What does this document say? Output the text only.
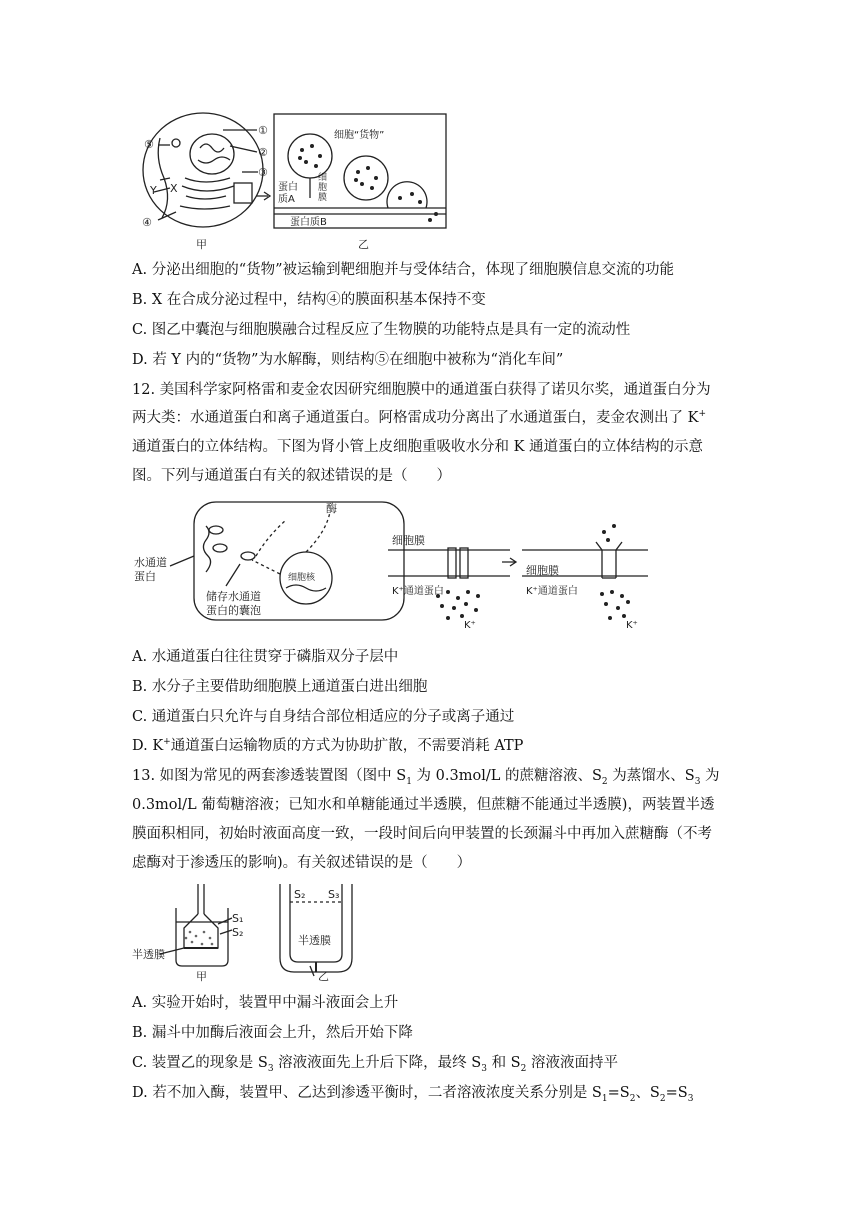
①
②
③
④
⑤
X
Y
甲	乙
细胞“货物”
蛋白
质A
细
胞
膜
蛋白质B
A. 分泌出细胞的“货物”被运输到靶细胞并与受体结合，体现了细胞膜信息交流的功能
B. X 在合成分泌过程中，结构④的膜面积基本保持不变
C. 图乙中囊泡与细胞膜融合过程反应了生物膜的功能特点是具有一定的流动性
D. 若 Y 内的“货物”为水解酶，则结构⑤在细胞中被称为“消化车间”
12. 美国科学家阿格雷和麦金农因研究细胞膜中的通道蛋白获得了诺贝尔奖，通道蛋白分为
两大类：水通道蛋白和离子通道蛋白。阿格雷成功分离出了水通道蛋白，麦金农测出了 K+
通道蛋白的立体结构。下图为肾小管上皮细胞重吸收水分和 K 通道蛋白的立体结构的示意
图。下列与通道蛋白有关的叙述错误的是（　　）
酶
水通道
蛋白
储存水通道
蛋白的囊泡
细胞核
细胞膜
K⁺通道蛋白
K⁺
细胞膜
K⁺通道蛋白
K⁺
A. 水通道蛋白往往贯穿于磷脂双分子层中
B. 水分子主要借助细胞膜上通道蛋白进出细胞
C. 通道蛋白只允许与自身结合部位相适应的分子或离子通过
D. K+通道蛋白运输物质的方式为协助扩散，不需要消耗 ATP
13. 如图为常见的两套渗透装置图（图中 $S_1$ 为 0.3mol/L 的蔗糖溶液、$S_2$ 为蒸馏水、$S_3$ 为
0.3mol/L 葡萄糖溶液；已知水和单糖能通过半透膜，但蔗糖不能通过半透膜)，两装置半透
膜面积相同，初始时液面高度一致，一段时间后向甲装置的长颈漏斗中再加入蔗糖酶（不考
虑酶对于渗透压的影响)。有关叙述错误的是（　　）
S₁
S₂
半透膜
甲
S₂ S₃
半透膜
乙
A. 实验开始时，装置甲中漏斗液面会上升
B. 漏斗中加酶后液面会上升，然后开始下降
C. 装置乙的现象是 $S_3$ 溶液液面先上升后下降，最终 $S_3$ 和 $S_2$ 溶液液面持平
D. 若不加入酶，装置甲、乙达到渗透平衡时，二者溶液浓度关系分别是 $S_1=S_2$、$S_2=S_3$
